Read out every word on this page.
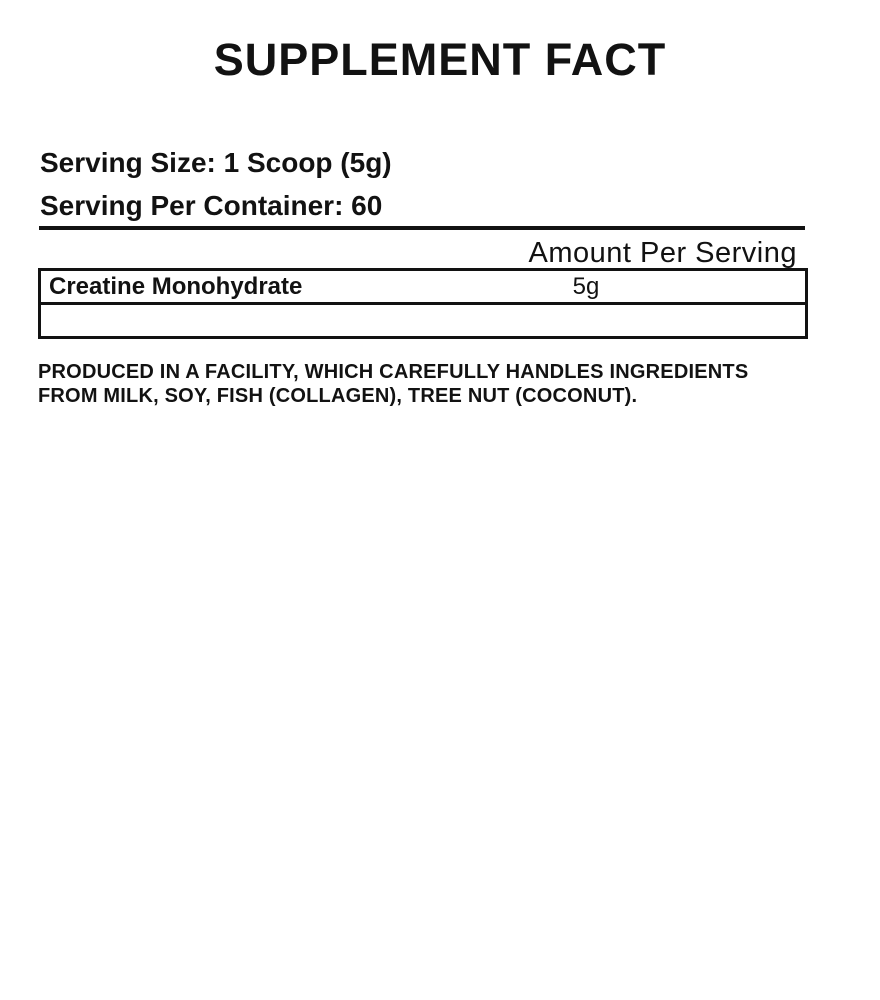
SUPPLEMENT FACT
Serving Size: 1 Scoop (5g)
Serving Per Container: 60
Amount Per Serving
Creatine Monohydrate	5g

PRODUCED IN A FACILITY, WHICH CAREFULLY HANDLES INGREDIENTS
FROM MILK, SOY, FISH (COLLAGEN), TREE NUT (COCONUT).
